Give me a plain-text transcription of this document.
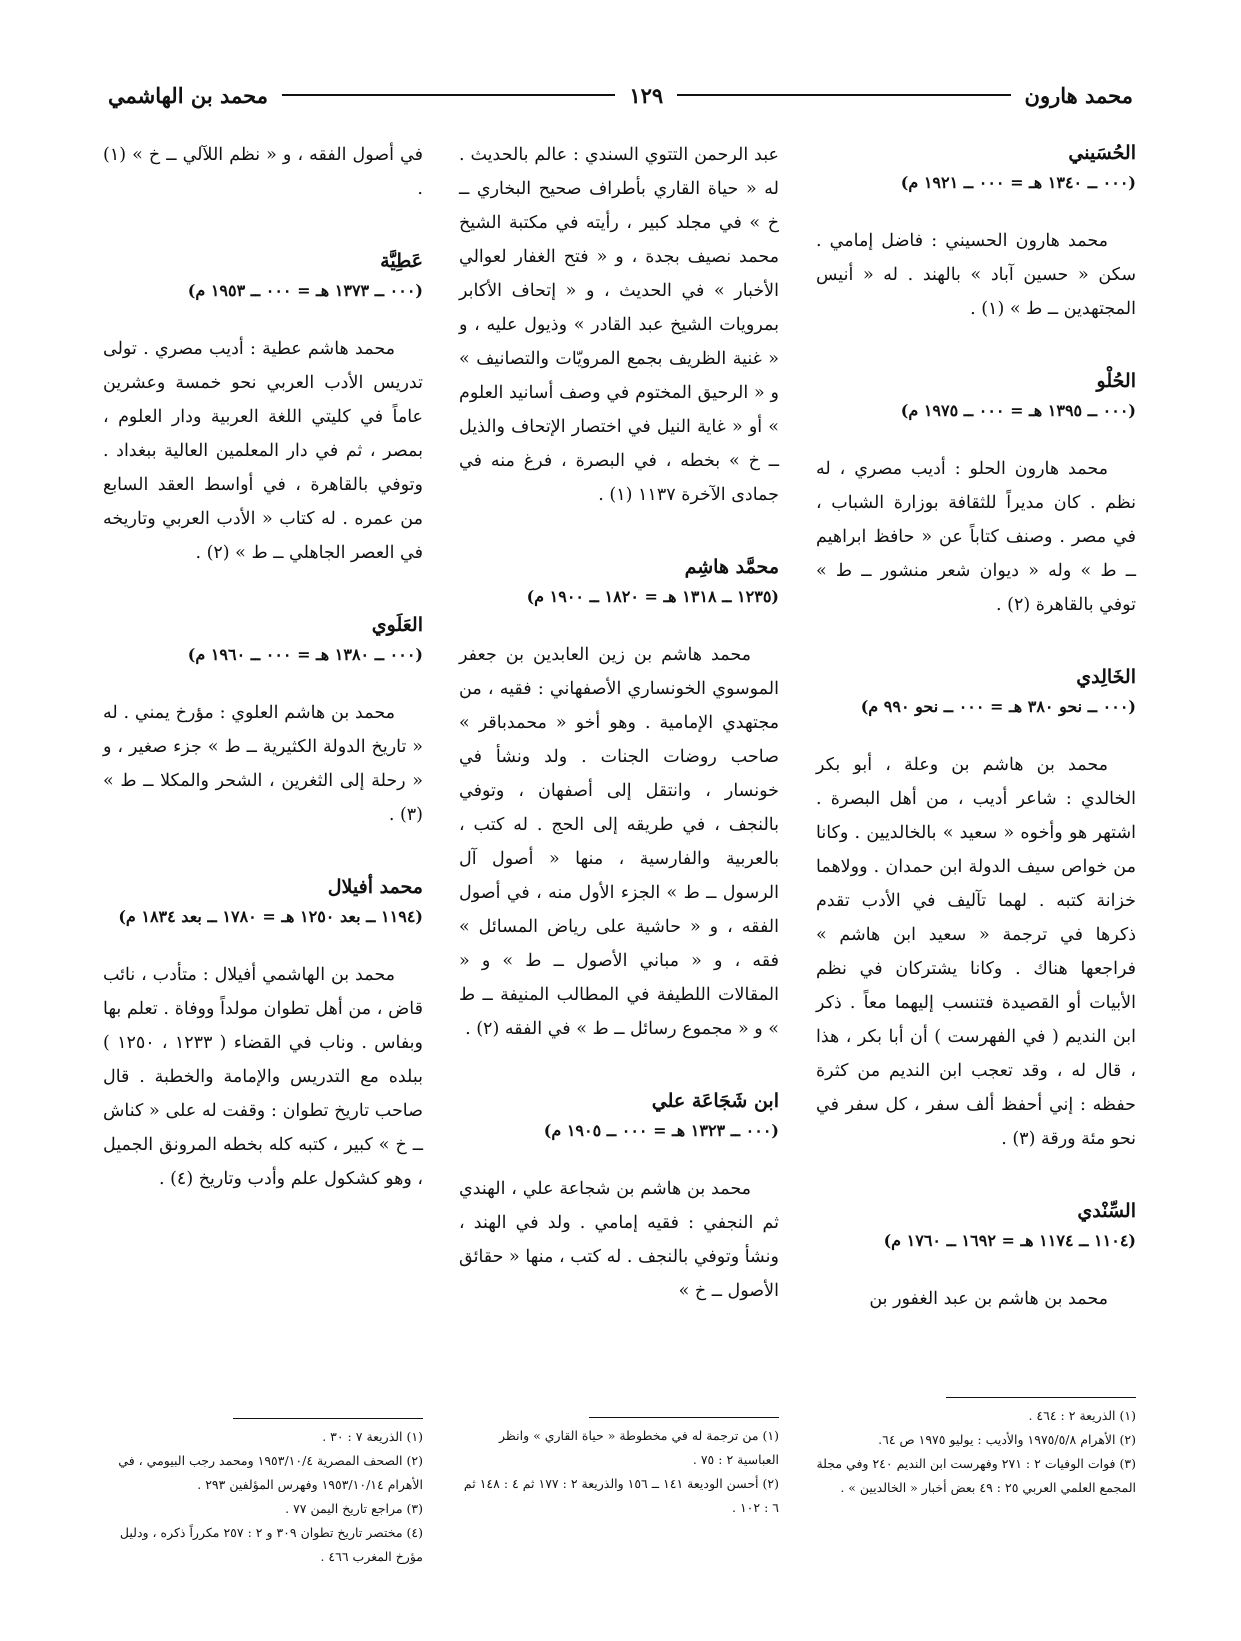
محمد هارون
١٢٩
محمد بن الهاشمي
الحُسَيني
(٠٠٠ ــ ١٣٤٠ هـ = ٠٠٠ ــ ١٩٢١ م)

محمد هارون الحسيني : فاضل إمامي . سكن « حسين آباد » بالهند . له « أنيس المجتهدين ــ ط » (١) .

الحُلْو
(٠٠٠ ــ ١٣٩٥ هـ = ٠٠٠ ــ ١٩٧٥ م)

محمد هارون الحلو : أديب مصري ، له نظم . كان مديراً للثقافة بوزارة الشباب ، في مصر . وصنف كتاباً عن « حافظ ابراهيم ــ ط » وله « ديوان شعر منشور ــ ط » توفي بالقاهرة (٢) .

الخَالِدي
(٠٠٠ ــ نحو ٣٨٠ هـ = ٠٠٠ ــ نحو ٩٩٠ م)

محمد بن هاشم بن وعلة ، أبو بكر الخالدي : شاعر أديب ، من أهل البصرة . اشتهر هو وأخوه « سعيد » بالخالديين . وكانا من خواص سيف الدولة ابن حمدان . وولاهما خزانة كتبه . لهما تآليف في الأدب تقدم ذكرها في ترجمة « سعيد ابن هاشم » فراجعها هناك . وكانا يشتركان في نظم الأبيات أو القصيدة فتنسب إليهما معاً . ذكر ابن النديم ( في الفهرست ) أن أبا بكر ، هذا ، قال له ، وقد تعجب ابن النديم من كثرة حفظه : إني أحفظ ألف سفر ، كل سفر في نحو مئة ورقة (٣) .

السِّنْدي
(١١٠٤ ــ ١١٧٤ هـ = ١٦٩٢ ــ ١٧٦٠ م)

محمد بن هاشم بن عبد الغفور بن

(١) الذريعة ٢ : ٤٦٤ .
(٢) الأهرام ١٩٧٥/٥/٨ والأديب : يوليو ١٩٧٥ ص ٦٤.
(٣) فوات الوفيات ٢ : ٢٧١ وفهرست ابن النديم ٢٤٠ وفي مجلة المجمع العلمي العربي ٢٥ : ٤٩ بعض أخبار « الخالديين » .

عبد الرحمن التتوي السندي : عالم بالحديث . له « حياة القاري بأطراف صحيح البخاري ــ خ » في مجلد كبير ، رأيته في مكتبة الشيخ محمد نصيف بجدة ، و « فتح الغفار لعوالي الأخبار » في الحديث ، و « إتحاف الأكابر بمرويات الشيخ عبد القادر » وذيول عليه ، و « غنية الظريف بجمع المرويّات والتصانيف » و « الرحيق المختوم في وصف أسانيد العلوم » أو « غاية النيل في اختصار الإتحاف والذيل ــ خ » بخطه ، في البصرة ، فرغ منه في جمادى الآخرة ١١٣٧ (١) .

محمَّد هاشِم
(١٢٣٥ ــ ١٣١٨ هـ = ١٨٢٠ ــ ١٩٠٠ م)

محمد هاشم بن زين العابدين بن جعفر الموسوي الخونساري الأصفهاني : فقيه ، من مجتهدي الإمامية . وهو أخو « محمدباقر » صاحب روضات الجنات . ولد ونشأ في خونسار ، وانتقل إلى أصفهان ، وتوفي بالنجف ، في طريقه إلى الحج . له كتب ، بالعربية والفارسية ، منها « أصول آل الرسول ــ ط » الجزء الأول منه ، في أصول الفقه ، و « حاشية على رياض المسائل » فقه ، و « مباني الأصول ــ ط » و « المقالات اللطيفة في المطالب المنيفة ــ ط » و « مجموع رسائل ــ ط » في الفقه (٢) .

ابن شَجَاعَة علي
(٠٠٠ ــ ١٣٢٣ هـ = ٠٠٠ ــ ١٩٠٥ م)

محمد بن هاشم بن شجاعة علي ، الهندي ثم النجفي : فقيه إمامي . ولد في الهند ، ونشأ وتوفي بالنجف . له كتب ، منها « حقائق الأصول ــ خ »

(١) من ترجمة له في مخطوطة « حياة القاري » وانظر العباسية ٢ : ٧٥ .
(٢) أحسن الوديعة ١٤١ ــ ١٥٦ والذريعة ٢ : ١٧٧ ثم ٤ : ١٤٨ ثم ٦ : ١٠٢ .

في أصول الفقه ، و « نظم اللآلي ــ خ » (١) .

عَطِيَّة
(٠٠٠ ــ ١٣٧٣ هـ = ٠٠٠ ــ ١٩٥٣ م)

محمد هاشم عطية : أديب مصري . تولى تدريس الأدب العربي نحو خمسة وعشرين عاماً في كليتي اللغة العربية ودار العلوم ، بمصر ، ثم في دار المعلمين العالية ببغداد . وتوفي بالقاهرة ، في أواسط العقد السابع من عمره . له كتاب « الأدب العربي وتاريخه في العصر الجاهلي ــ ط » (٢) .

العَلَوي
(٠٠٠ ــ ١٣٨٠ هـ = ٠٠٠ ــ ١٩٦٠ م)

محمد بن هاشم العلوي : مؤرخ يمني . له « تاريخ الدولة الكثيرية ــ ط » جزء صغير ، و « رحلة إلى الثغرين ، الشحر والمكلا ــ ط » (٣) .

محمد أفيلال
(١١٩٤ ــ بعد ١٢٥٠ هـ = ١٧٨٠ ــ بعد ١٨٣٤ م)

محمد بن الهاشمي أفيلال : متأدب ، نائب قاض ، من أهل تطوان مولداً ووفاة . تعلم بها وبفاس . وناب في القضاء ( ١٢٣٣ ، ١٢٥٠ ) ببلده مع التدريس والإمامة والخطبة . قال صاحب تاريخ تطوان : وقفت له على « كناش ــ خ » كبير ، كتبه كله بخطه المرونق الجميل ، وهو كشكول علم وأدب وتاريخ (٤) .

(١) الذريعة ٧ : ٣٠ .
(٢) الصحف المصرية ١٩٥٣/١٠/٤ ومحمد رجب البيومي ، في الأهرام ١٩٥٣/١٠/١٤ وفهرس المؤلفين ٢٩٣ .
(٣) مراجع تاريخ اليمن ٧٧ .
(٤) مختصر تاريخ تطوان ٣٠٩ و ٢ : ٢٥٧ مكرراً ذكره ، ودليل مؤرخ المغرب ٤٦٦ .
